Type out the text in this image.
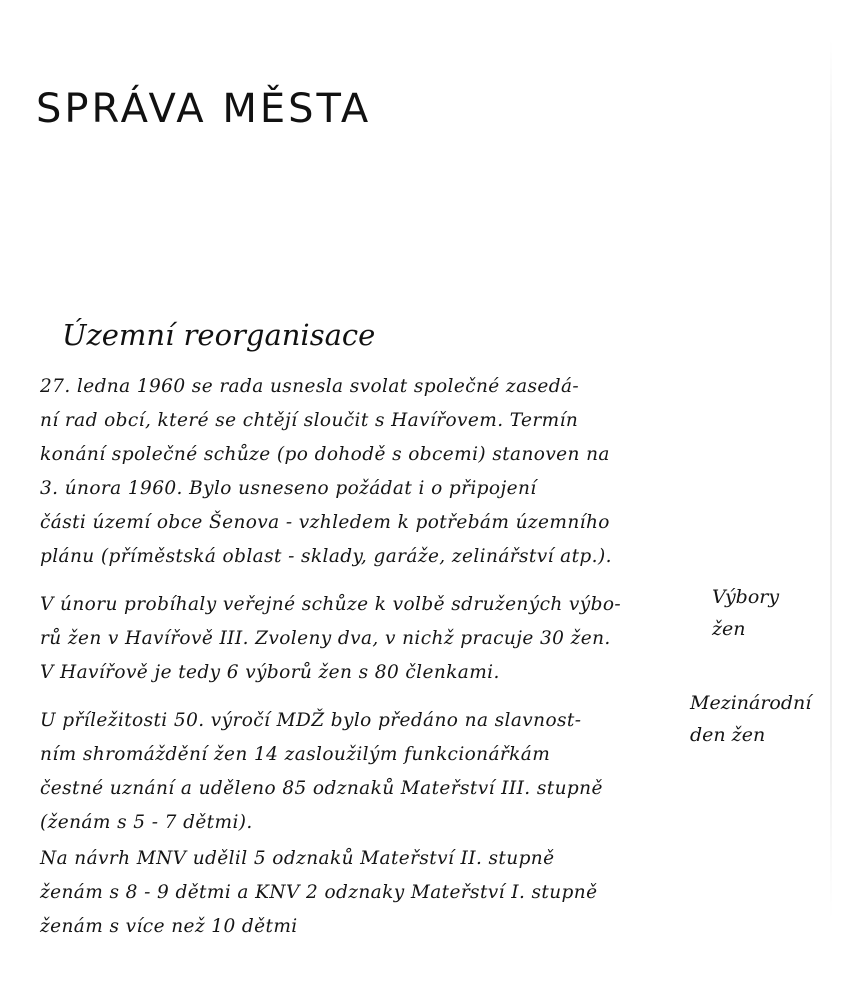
SPRÁVA MĚSTA
Územní reorganisace
27. ledna 1960 se rada usnesla svolat společné zasedá-
ní rad obcí, které se chtějí sloučit s Havířovem. Termín
konání společné schůze (po dohodě s obcemi) stanoven na
3. února 1960. Bylo usneseno požádat i o připojení
části území obce Šenova - vzhledem k potřebám územního
plánu (příměstská oblast - sklady, garáže, zelinářství atp.).
V únoru probíhaly veřejné schůze k volbě sdružených výbo-
rů žen v Havířově III. Zvoleny dva, v nichž pracuje 30 žen.
V Havířově je tedy 6 výborů žen s 80 členkami.
Výbory
žen
U příležitosti 50. výročí MDŽ bylo předáno na slavnost-
ním shromáždění žen 14 zasloužilým funkcionářkám
čestné uznání a uděleno 85 odznaků Mateřství III. stupně
(ženám s 5 - 7 dětmi).
Mezinárodní
den žen
Na návrh MNV udělil 5 odznaků Mateřství II. stupně
ženám s 8 - 9 dětmi a KNV 2 odznaky Mateřství I. stupně
ženám s více než 10 dětmi
